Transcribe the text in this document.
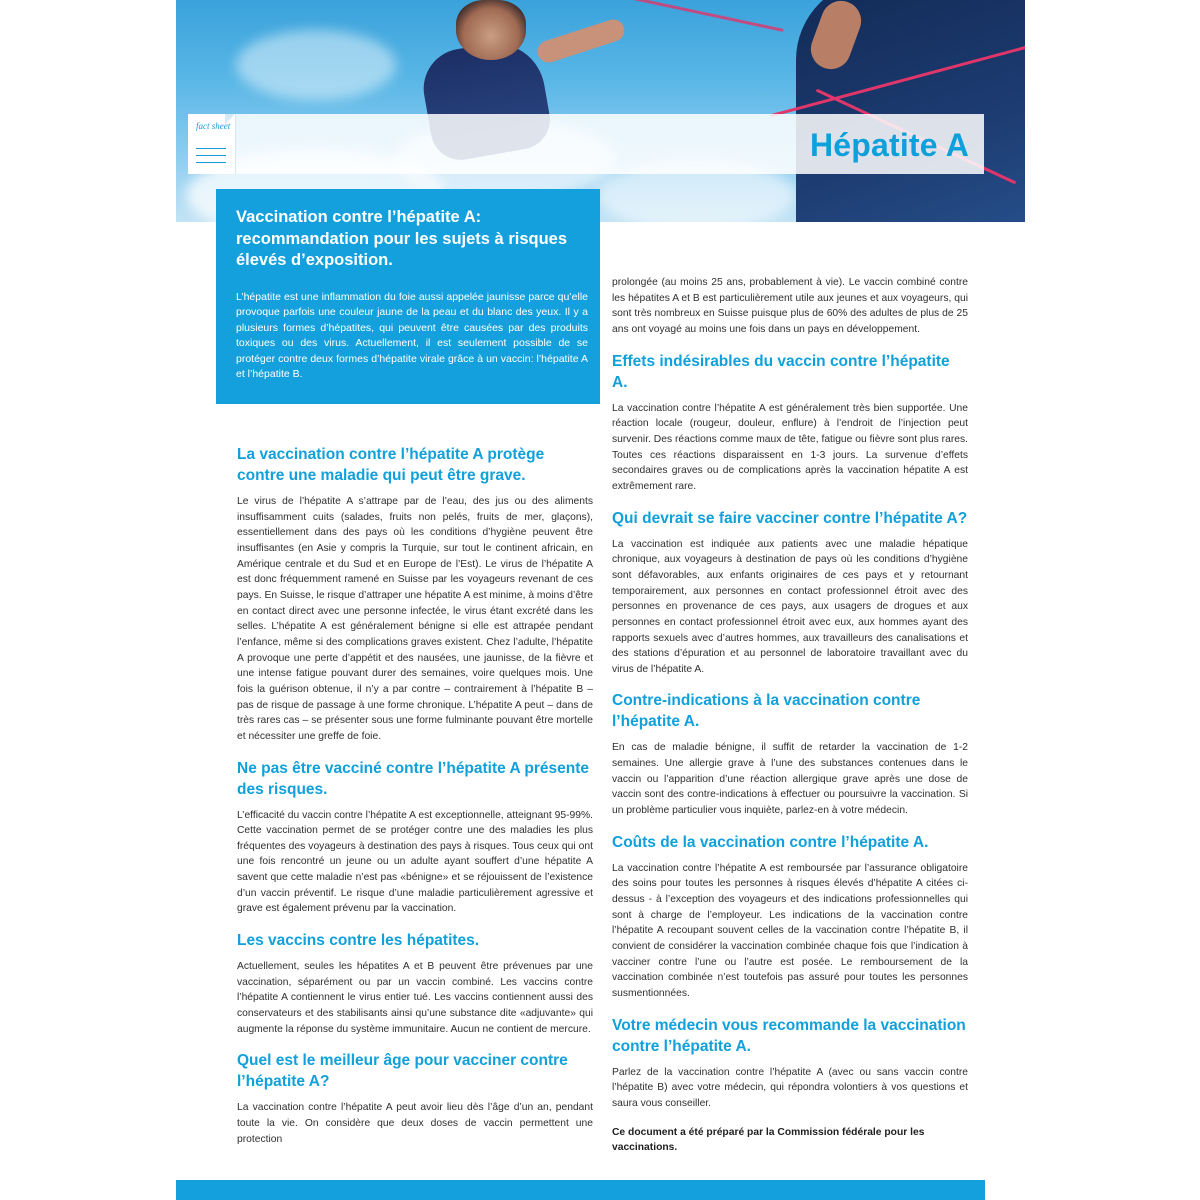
fact sheet
Hépatite A

Vaccination contre l’hépatite A: recommandation pour les sujets à risques élevés d’exposition.

L’hépatite est une inflammation du foie aussi appelée jaunisse parce qu’elle provoque parfois une couleur jaune de la peau et du blanc des yeux. Il y a plusieurs formes d’hépatites, qui peuvent être causées par des produits toxiques ou des virus. Actuellement, il est seulement possible de se protéger contre deux formes d’hépatite virale grâce à un vaccin: l’hépatite A et l’hépatite B.

La vaccination contre l’hépatite A protège contre une maladie qui peut être grave.

Le virus de l’hépatite A s’attrape par de l’eau, des jus ou des aliments insuffisamment cuits (salades, fruits non pelés, fruits de mer, glaçons), essentiellement dans des pays où les conditions d’hygiène peuvent être insuffisantes (en Asie y compris la Turquie, sur tout le continent africain, en Amérique centrale et du Sud et en Europe de l’Est). Le virus de l’hépatite A est donc fréquemment ramené en Suisse par les voyageurs revenant de ces pays. En Suisse, le risque d’attraper une hépatite A est minime, à moins d’être en contact direct avec une personne infectée, le virus étant excrété dans les selles. L’hépatite A est généralement bénigne si elle est attrapée pendant l’enfance, même si des complications graves existent. Chez l’adulte, l’hépatite A provoque une perte d’appétit et des nausées, une jaunisse, de la fièvre et une intense fatigue pouvant durer des semaines, voire quelques mois. Une fois la guérison obtenue, il n’y a par contre – contrairement à l’hépatite B – pas de risque de passage à une forme chronique. L’hépatite A peut – dans de très rares cas – se présenter sous une forme fulminante pouvant être mortelle et nécessiter une greffe de foie.

Ne pas être vacciné contre l’hépatite A présente des risques.

L’efficacité du vaccin contre l’hépatite A est exceptionnelle, atteignant 95-99%. Cette vaccination permet de se protéger contre une des maladies les plus fréquentes des voyageurs à destination des pays à risques. Tous ceux qui ont une fois rencontré un jeune ou un adulte ayant souffert d’une hépatite A savent que cette maladie n’est pas «bénigne» et se réjouissent de l’existence d’un vaccin préventif. Le risque d’une maladie particulièrement agressive et grave est également prévenu par la vaccination.

Les vaccins contre les hépatites.

Actuellement, seules les hépatites A et B peuvent être prévenues par une vaccination, séparément ou par un vaccin combiné. Les vaccins contre l’hépatite A contiennent le virus entier tué. Les vaccins contiennent aussi des conservateurs et des stabilisants ainsi qu’une substance dite «adjuvante» qui augmente la réponse du système immunitaire. Aucun ne contient de mercure.

Quel est le meilleur âge pour vacciner contre l’hépatite A?

La vaccination contre l’hépatite A peut avoir lieu dès l’âge d’un an, pendant toute la vie. On considère que deux doses de vaccin permettent une protection

prolongée (au moins 25 ans, probablement à vie). Le vaccin combiné contre les hépatites A et B est particulièrement utile aux jeunes et aux voyageurs, qui sont très nombreux en Suisse puisque plus de 60% des adultes de plus de 25 ans ont voyagé au moins une fois dans un pays en développement.

Effets indésirables du vaccin contre l’hépatite A.

La vaccination contre l’hépatite A est généralement très bien supportée. Une réaction locale (rougeur, douleur, enflure) à l’endroit de l’injection peut survenir. Des réactions comme maux de tête, fatigue ou fièvre sont plus rares. Toutes ces réactions disparaissent en 1-3 jours. La survenue d’effets secondaires graves ou de complications après la vaccination hépatite A est extrêmement rare.

Qui devrait se faire vacciner contre l’hépatite A?

La vaccination est indiquée aux patients avec une maladie hépatique chronique, aux voyageurs à destination de pays où les conditions d’hygiène sont défavorables, aux enfants originaires de ces pays et y retournant temporairement, aux personnes en contact professionnel étroit avec des personnes en provenance de ces pays, aux usagers de drogues et aux personnes en contact professionnel étroit avec eux, aux hommes ayant des rapports sexuels avec d’autres hommes, aux travailleurs des canalisations et des stations d’épuration et au personnel de laboratoire travaillant avec du virus de l’hépatite A.

Contre-indications à la vaccination contre l’hépatite A.

En cas de maladie bénigne, il suffit de retarder la vaccination de 1-2 semaines. Une allergie grave à l’une des substances contenues dans le vaccin ou l’apparition d’une réaction allergique grave après une dose de vaccin sont des contre-indications à effectuer ou poursuivre la vaccination. Si un problème particulier vous inquiète, parlez-en à votre médecin.

Coûts de la vaccination contre l’hépatite A.

La vaccination contre l’hépatite A est remboursée par l’assurance obligatoire des soins pour toutes les personnes à risques élevés d’hépatite A citées ci-dessus - à l’exception des voyageurs et des indications professionnelles qui sont à charge de l’employeur. Les indications de la vaccination contre l’hépatite A recoupant souvent celles de la vaccination contre l’hépatite B, il convient de considérer la vaccination combinée chaque fois que l’indication à vacciner contre l’une ou l’autre est posée. Le remboursement de la vaccination combinée n’est toutefois pas assuré pour toutes les personnes susmentionnées.

Votre médecin vous recommande la vaccination contre l’hépatite A.

Parlez de la vaccination contre l’hépatite A (avec ou sans vaccin contre l’hépatite B) avec votre médecin, qui répondra volontiers à vos questions et saura vous conseiller.

Ce document a été préparé par la Commission fédérale pour les vaccinations.
